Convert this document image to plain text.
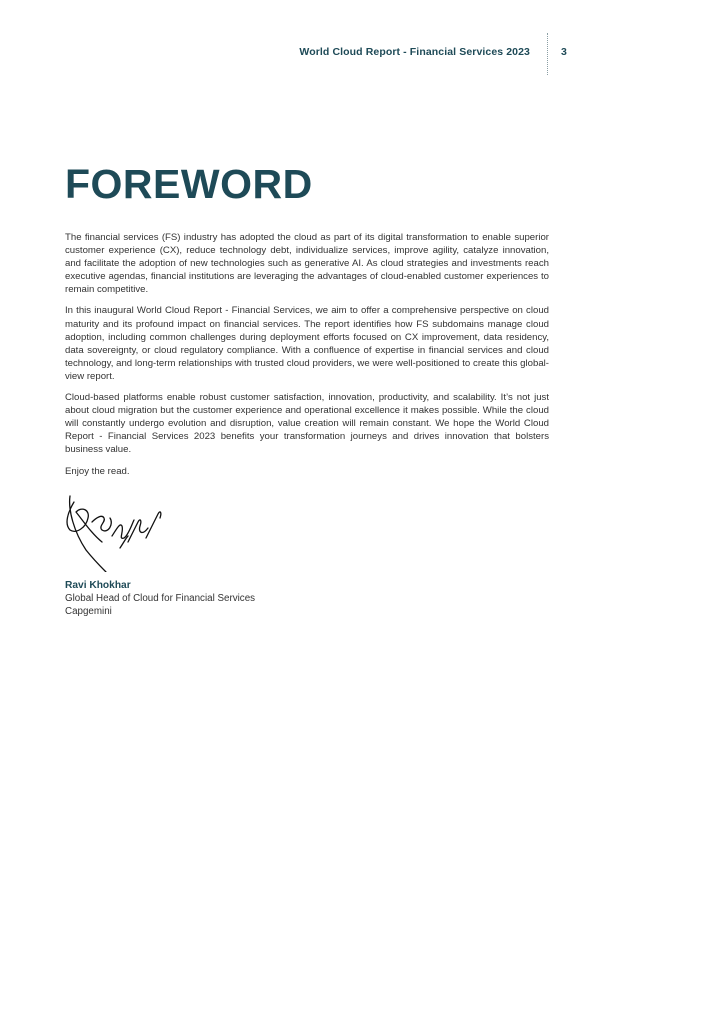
World Cloud Report - Financial Services 2023	3
FOREWORD

The financial services (FS) industry has adopted the cloud as part of its digital transformation to enable superior customer experience (CX), reduce technology debt, individualize services, improve agility, catalyze innovation, and facilitate the adoption of new technologies such as generative AI. As cloud strategies and investments reach executive agendas, financial institutions are leveraging the advantages of cloud-enabled customer experiences to remain competitive.

In this inaugural World Cloud Report - Financial Services, we aim to offer a comprehensive perspective on cloud maturity and its profound impact on financial services. The report identifies how FS subdomains manage cloud adoption, including common challenges during deployment efforts focused on CX improvement, data residency, data sovereignty, or cloud regulatory compliance. With a confluence of expertise in financial services and cloud technology, and long-term relationships with trusted cloud providers, we were well-positioned to create this global-view report.

Cloud-based platforms enable robust customer satisfaction, innovation, productivity, and scalability. It’s not just about cloud migration but the customer experience and operational excellence it makes possible. While the cloud will constantly undergo evolution and disruption, value creation will remain constant. We hope the World Cloud Report - Financial Services 2023 benefits your transformation journeys and drives innovation that bolsters business value.

Enjoy the read.

Ravi Khokhar
Global Head of Cloud for Financial Services
Capgemini
